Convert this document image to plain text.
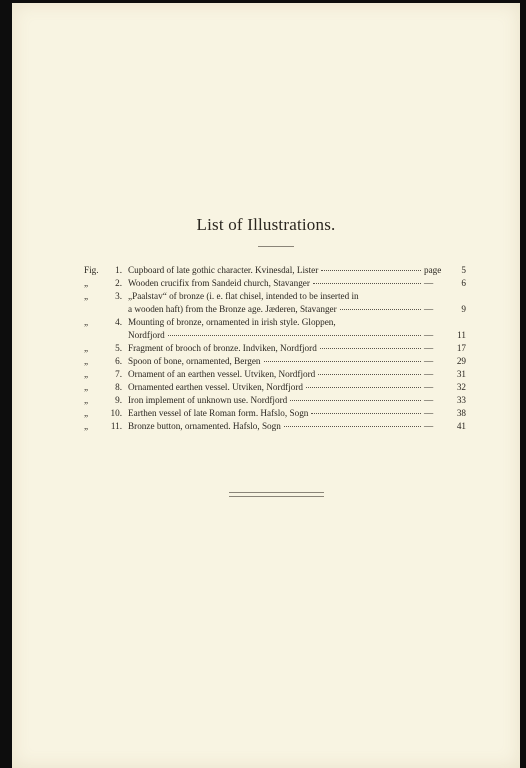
List of Illustrations.
Fig.	1. Cupboard of late gothic character. Kvinesdal, Lister	page	5
„	2. Wooden crucifix from Sandeid church, Stavanger	—	6
„	3. „Paalstav“ of bronze (i. e. flat chisel, intended to be inserted in
a wooden haft) from the Bronze age. Jæderen, Stavanger	—	9
„	4. Mounting of bronze, ornamented in irish style. Gloppen,
Nordfjord	—	11
„	5. Fragment of brooch of bronze. Indviken, Nordfjord	—	17
„	6. Spoon of bone, ornamented, Bergen	—	29
„	7. Ornament of an earthen vessel. Utviken, Nordfjord	—	31
„	8. Ornamented earthen vessel. Utviken, Nordfjord	—	32
„	9. Iron implement of unknown use. Nordfjord	—	33
„	10. Earthen vessel of late Roman form. Hafslo, Sogn	—	38
„	11. Bronze button, ornamented. Hafslo, Sogn	—	41
